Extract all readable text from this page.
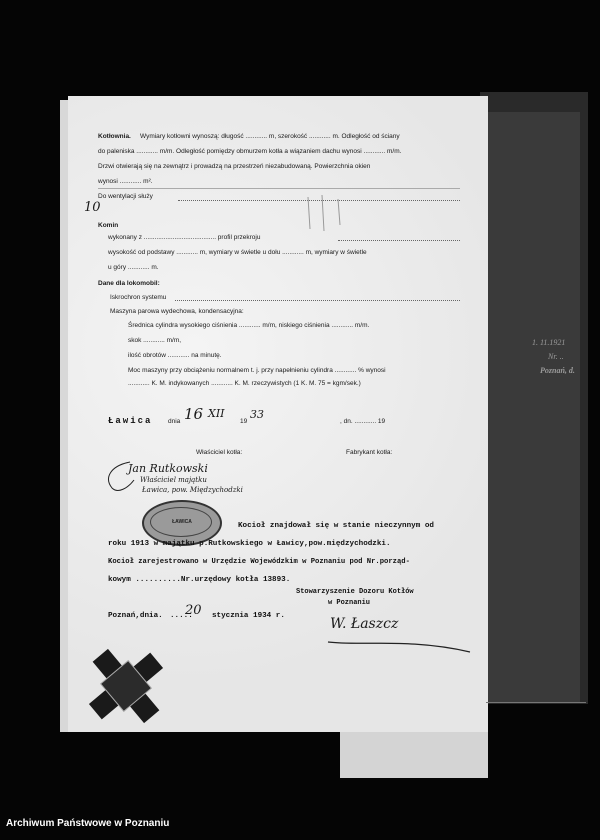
1. 11.1921
Nr. ..
Poznań, d.
Kotłownia. Wymiary kotłowni wynoszą: długość ............ m, szerokość ............ m. Odległość od ściany
do paleniska ............ m/m. Odległość pomiędzy obmurzem kotła a wiązaniem dachu wynosi ............ m/m.
Drzwi otwierają się na zewnątrz i prowadzą na przestrzeń niezabudowaną. Powierzchnia okien
wynosi ............ m².
Do wentylacji służy
10
Komin
wykonany z ........................................ profil przekroju
wysokość od podstawy ............ m, wymiary w świetle u dołu ............ m, wymiary w świetle
u góry ............ m.
Dane dla lokomobil:
Iskrochron systemu
Maszyna parowa wydechowa, kondensacyjna:
Średnica cylindra wysokiego ciśnienia ............ m/m, niskiego ciśnienia ............ m/m.
skok ............ m/m,
ilość obrotów ............ na minutę.
Moc maszyny przy obciążeniu normalnem t. j. przy napełnieniu cylindra ............ % wynosi
............ K. M. indykowanych ............ K. M. rzeczywistych (1 K. M. 75 = kgm/sek.)
Ławica dnia 16 XII
19
33
, dn. ............ 19
Właściciel kotła:	Fabrykant kotła:
Jan Rutkowski
Właściciel majątku
Ławica, pow. Międzychodzki
ŁAWICA	Kocioł znajdował się w stanie nieczynnym od
roku 1913 w majątku p.Rutkowskiego w Ławicy,pow.międzychodzki.
Kocioł zarejestrowano w Urzędzie Wojewódzkim w Poznaniu pod Nr.porząd-
kowym ..........Nr.urzędowy kotła 13893.
Stowarzyszenie Dozoru Kotłów
w Poznaniu
Poznań,dnia. .....
20 stycznia 1934 r.	W. Łaszcz
Archiwum Państwowe w Poznaniu
